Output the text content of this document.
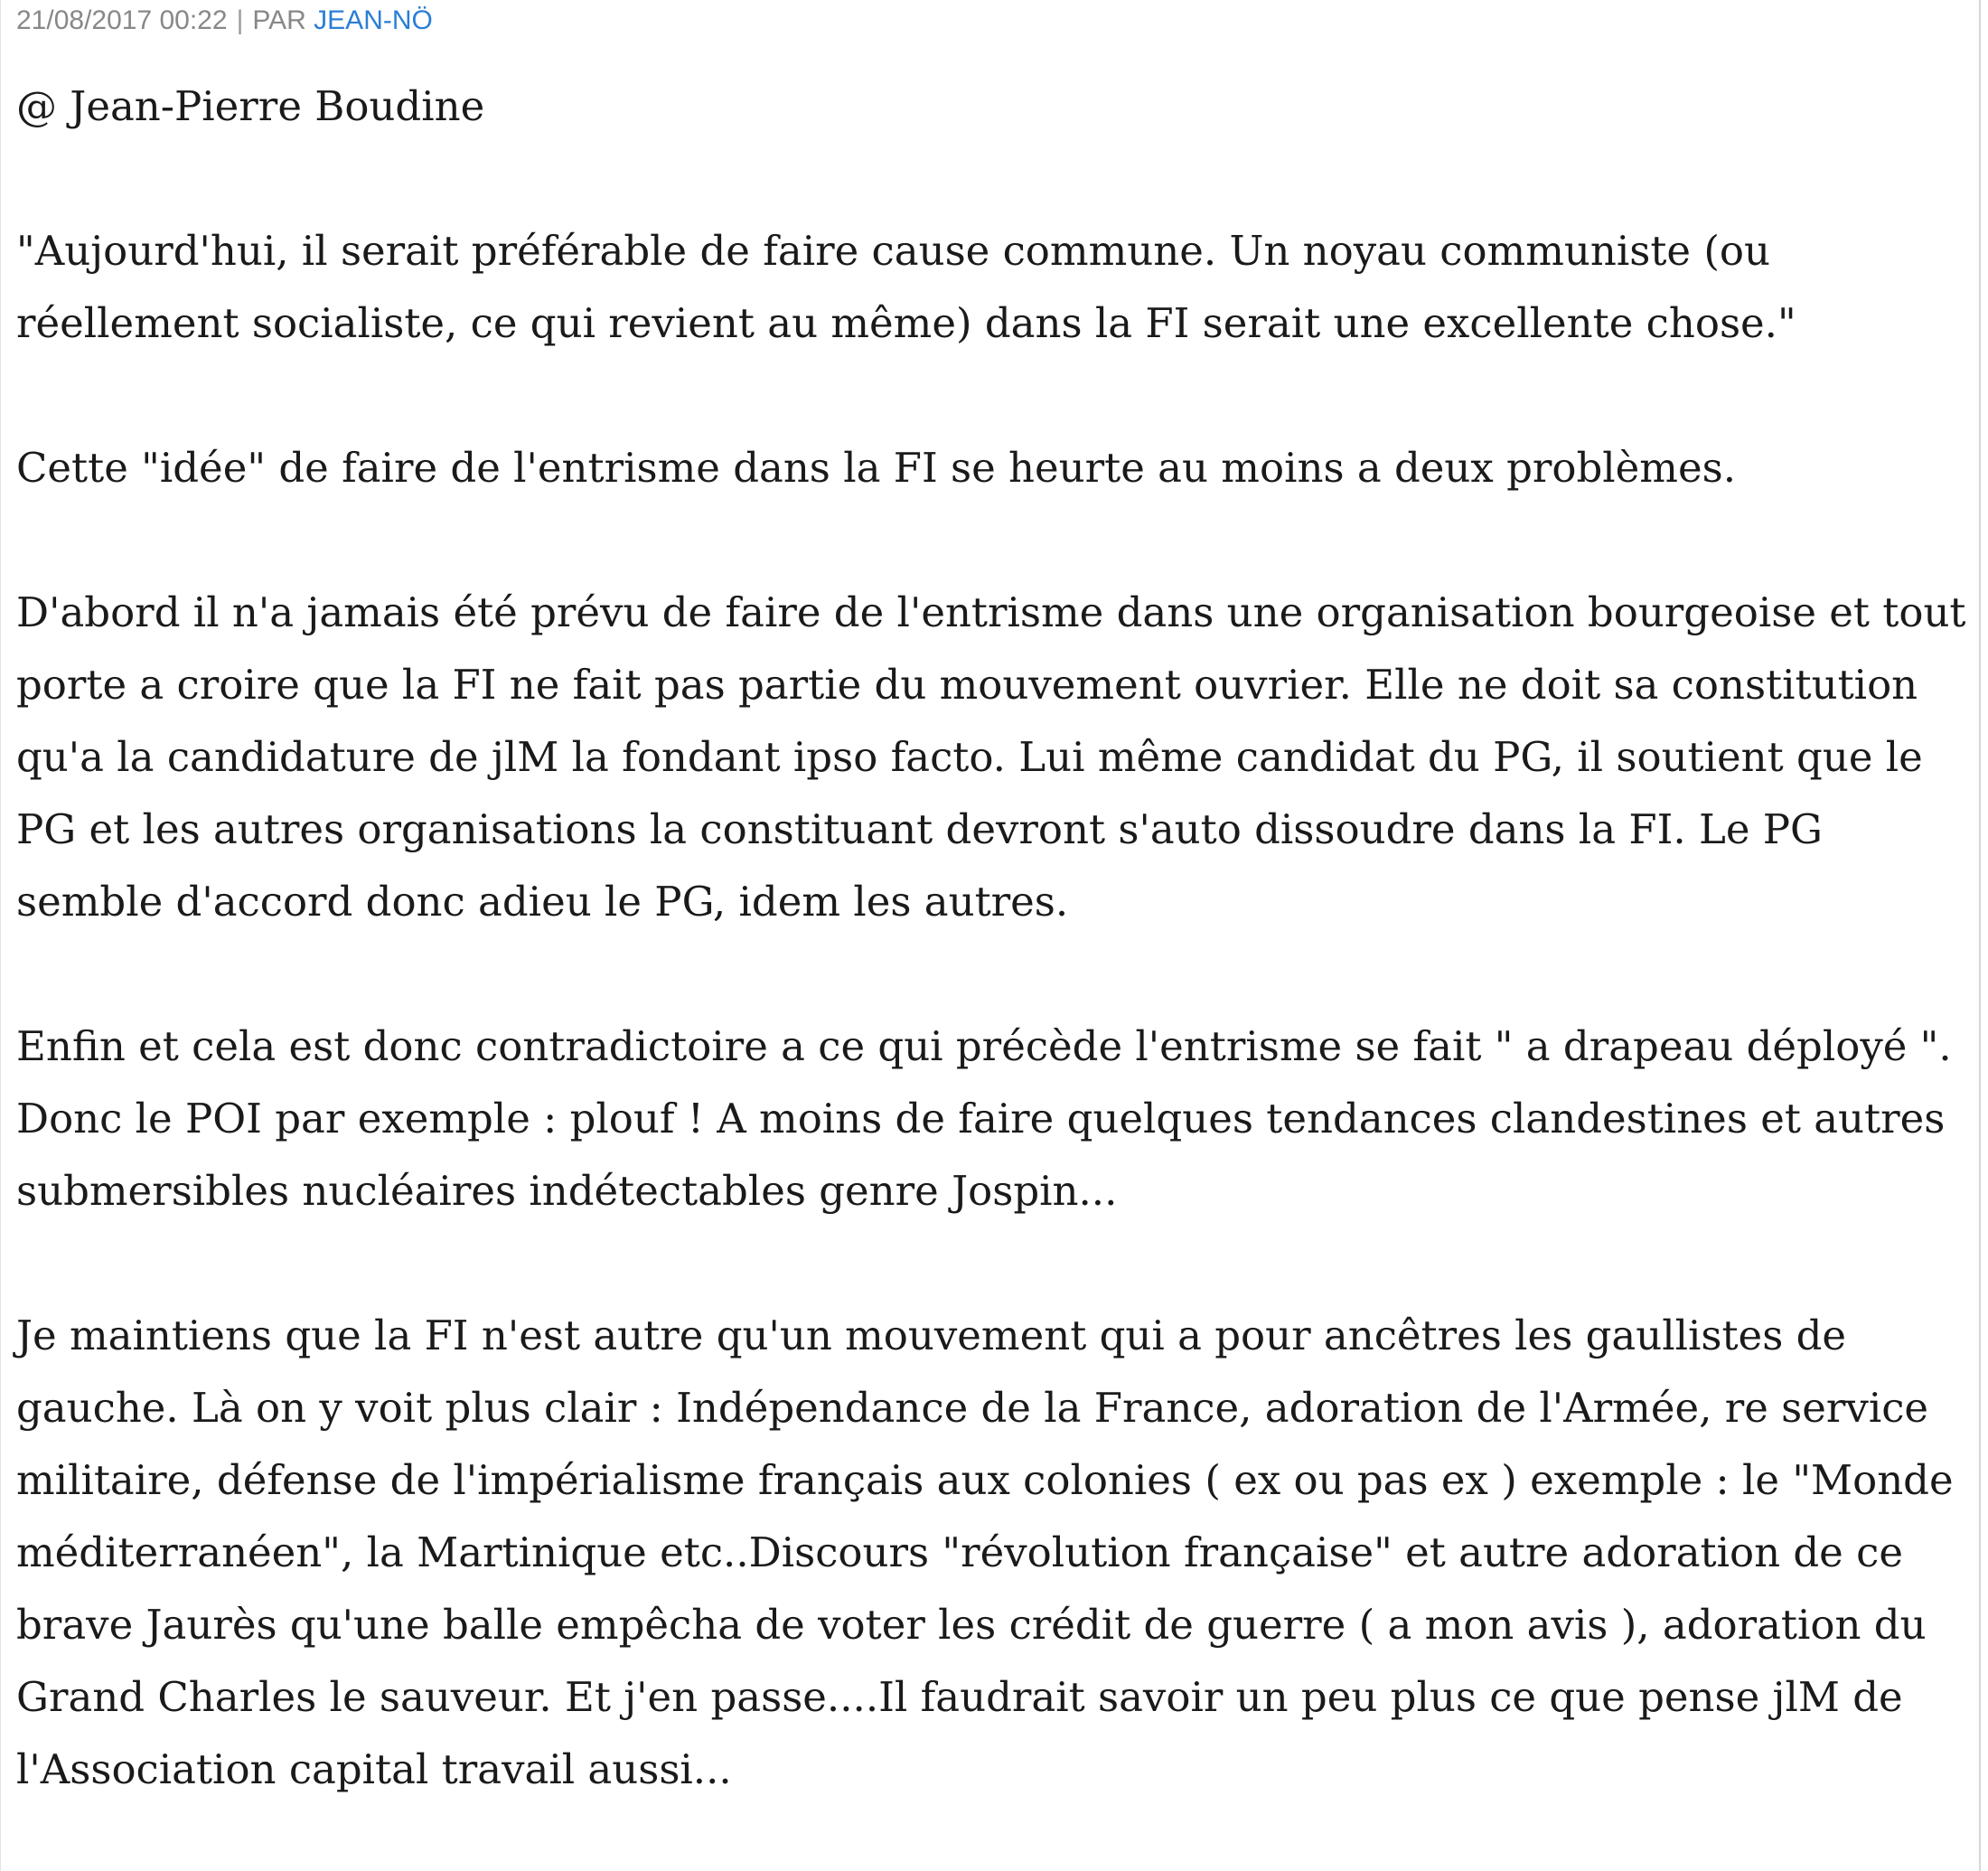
21/08/2017 00:22 | PAR JEAN-NÖ

@ Jean-Pierre Boudine

"Aujourd'hui, il serait préférable de faire cause commune. Un noyau communiste (ou réellement socialiste, ce qui revient au même) dans la FI serait une excellente chose."

Cette "idée" de faire de l'entrisme dans la FI se heurte au moins a deux problèmes.

D'abord il n'a jamais été prévu de faire de l'entrisme dans une organisation bourgeoise et tout porte a croire que la FI ne fait pas partie du mouvement ouvrier. Elle ne doit sa constitution qu'a la candidature de jlM la fondant ipso facto. Lui même candidat du PG, il soutient que le PG et les autres organisations la constituant devront s'auto dissoudre dans la FI. Le PG semble d'accord donc adieu le PG, idem les autres.

Enfin et cela est donc contradictoire a ce qui précède l'entrisme se fait " a drapeau déployé ". Donc le POI par exemple : plouf ! A moins de faire quelques tendances clandestines et autres submersibles nucléaires indétectables genre Jospin...

Je maintiens que la FI n'est autre qu'un mouvement qui a pour ancêtres les gaullistes de gauche. Là on y voit plus clair : Indépendance de la France, adoration de l'Armée, re service militaire, défense de l'impérialisme français aux colonies ( ex ou pas ex ) exemple : le "Monde méditerranéen", la Martinique etc..Discours "révolution française" et autre adoration de ce brave Jaurès qu'une balle empêcha de voter les crédit de guerre ( a mon avis ), adoration du Grand Charles le sauveur. Et j'en passe....Il faudrait savoir un peu plus ce que pense jlM de l'Association capital travail aussi...
